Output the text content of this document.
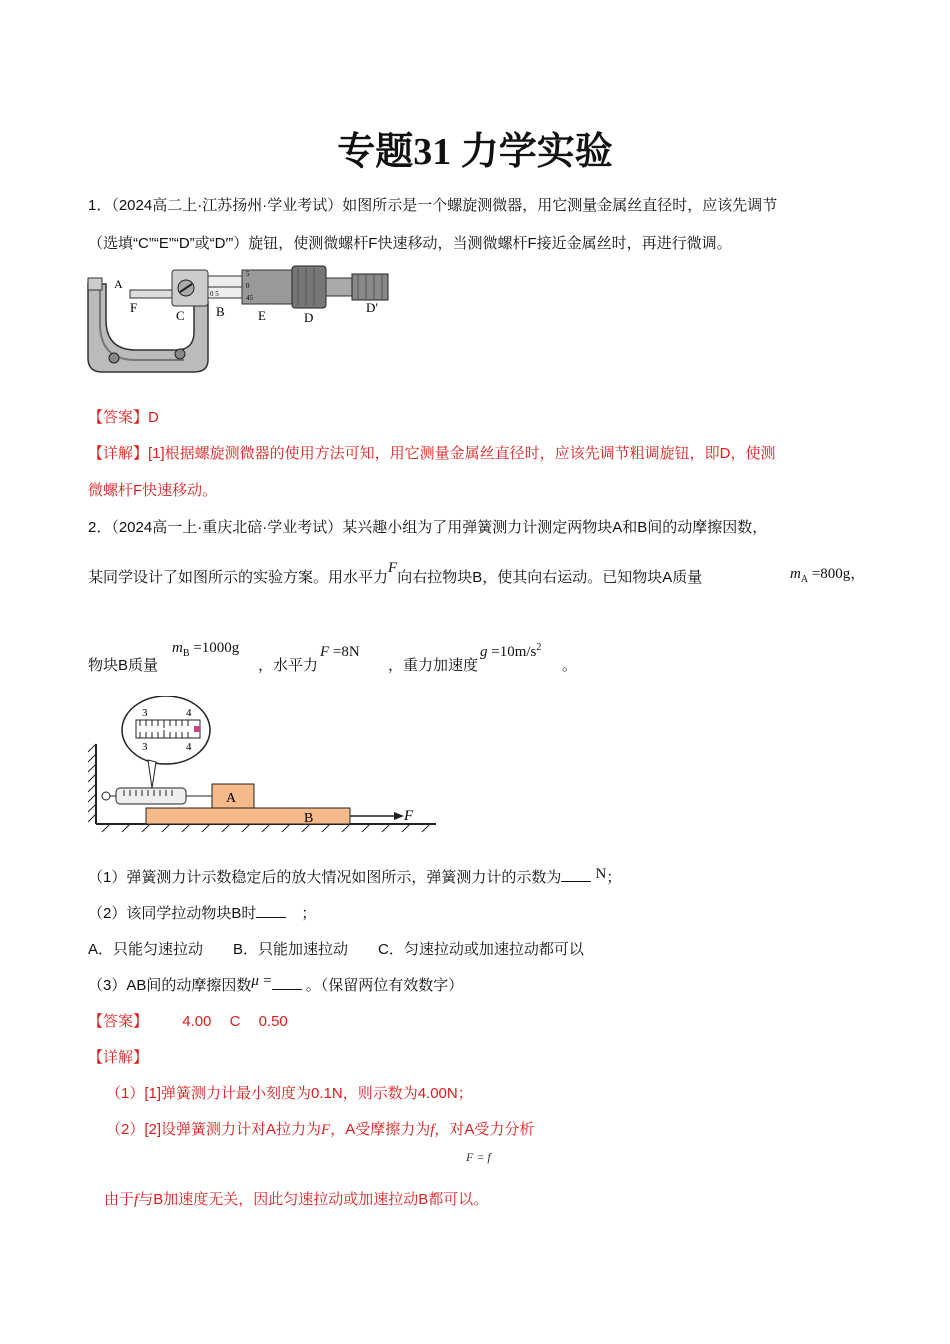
专题31 力学实验
1．（2024高二上·江苏扬州·学业考试）如图所示是一个螺旋测微器，用它测量金属丝直径时，应该先调节
（选填“C”“E”“D”或“D′”）旋钮，使测微螺杆F快速移动，当测微螺杆F接近金属丝时，再进行微调。
A
F
C B	E	D
D′
5
0
0 5	45
【答案】D
【详解】[1]根据螺旋测微器的使用方法可知，用它测量金属丝直径时，应该先调节粗调旋钮，即D，使测
微螺杆F快速移动。
2．（2024高一上·重庆北碚·学业考试）某兴趣小组为了用弹簧测力计测定两物块A和B间的动摩擦因数，
某同学设计了如图所示的实验方案。用水平力F向右拉物块B，使其向右运动。已知物块A质量	$m_A =800g$，
物块B质量
$m_B =1000g$
，水平力
F =8N
，重力加速度
$g =10m/s^2$
。
B	F
A
3	4
3	4
（1）弹簧测力计示数稳定后的放大情况如图所示，弹簧测力计的示数为 N；
（2）该同学拉动物块B时　	；
A．只能匀速拉动　　B．只能加速拉动　　C．匀速拉动或加速拉动都可以
（3）AB间的动摩擦因数μ = 。（保留两位有效数字）
【答案】 4.00 C 0.50
【详解】
（1）[1]弹簧测力计最小刻度为0.1N，则示数为4.00N；
（2）[2]设弹簧测力计对A拉力为F，A受摩擦力为f，对A受力分析
F = f
由于f与B加速度无关，因此匀速拉动或加速拉动B都可以。
